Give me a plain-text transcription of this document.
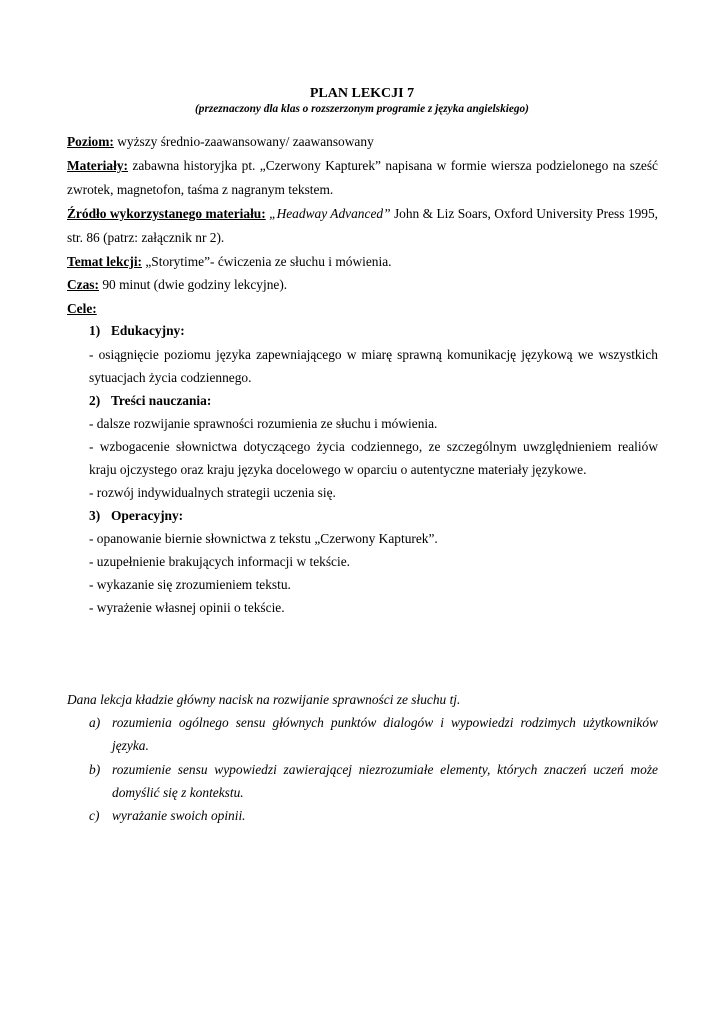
PLAN LEKCJI 7
(przeznaczony dla klas o rozszerzonym programie z języka angielskiego)
Poziom: wyższy średnio-zaawansowany/ zaawansowany
Materiały: zabawna historyjka pt. „Czerwony Kapturek” napisana w formie wiersza podzielonego na sześć
zwrotek, magnetofon, taśma z nagranym tekstem.
Źródło wykorzystanego materiału: „Headway Advanced” John & Liz Soars, Oxford University Press 1995,
str. 86 (patrz: załącznik nr 2).
Temat lekcji: „Storytime”- ćwiczenia ze słuchu i mówienia.
Czas: 90 minut (dwie godziny lekcyjne).
Cele:
1) Edukacyjny:
- osiągnięcie poziomu języka zapewniającego w miarę sprawną komunikację językową we wszystkich
sytuacjach życia codziennego.
2) Treści nauczania:
- dalsze rozwijanie sprawności rozumienia ze słuchu i mówienia.
- wzbogacenie słownictwa dotyczącego życia codziennego, ze szczególnym uwzględnieniem realiów
kraju ojczystego oraz kraju języka docelowego w oparciu o autentyczne materiały językowe.
- rozwój indywidualnych strategii uczenia się.
3) Operacyjny:
- opanowanie biernie słownictwa z tekstu „Czerwony Kapturek”.
- uzupełnienie brakujących informacji w tekście.
- wykazanie się zrozumieniem tekstu.
- wyrażenie własnej opinii o tekście.
Dana lekcja kładzie główny nacisk na rozwijanie sprawności ze słuchu tj.
a) rozumienia ogólnego sensu głównych punktów dialogów i wypowiedzi rodzimych użytkowników
języka.
b) rozumienie sensu wypowiedzi zawierającej niezrozumiałe elementy, których znaczeń uczeń może
domyślić się z kontekstu.
c) wyrażanie swoich opinii.
